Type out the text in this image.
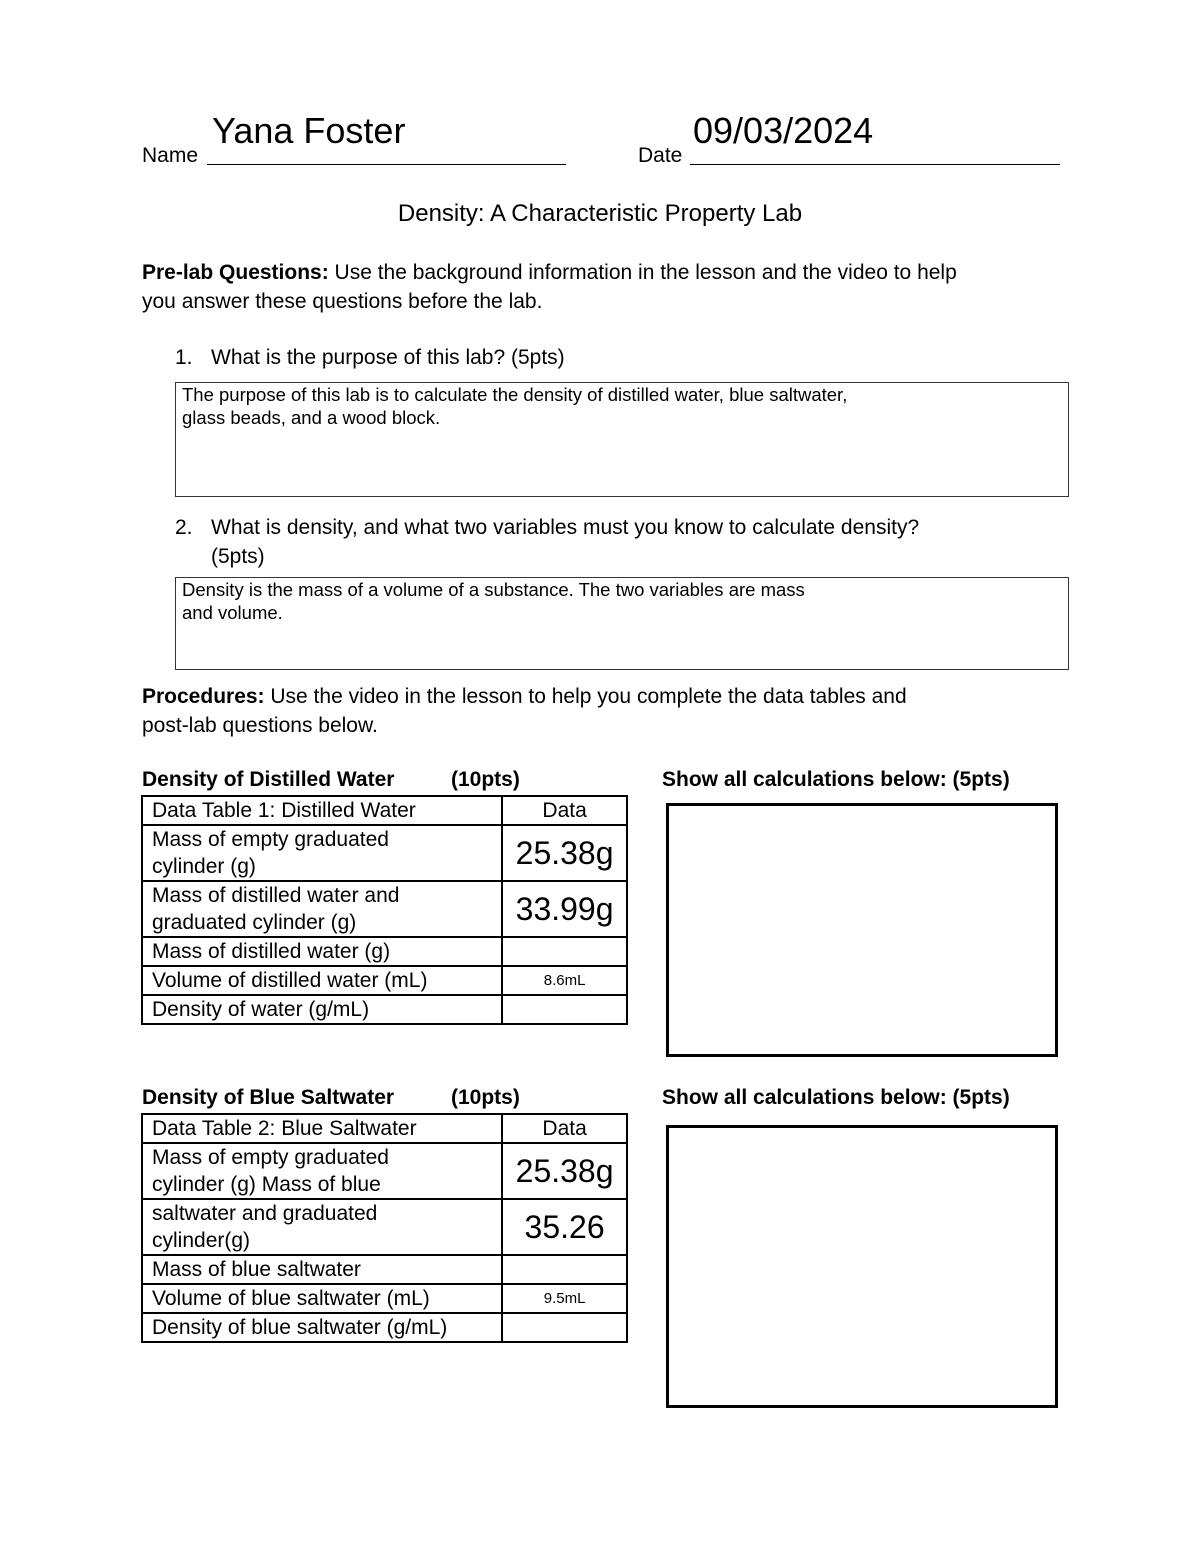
Name
Yana Foster
Date
09/03/2024
Density: A Characteristic Property Lab
Pre-lab Questions: Use the background information in the lesson and the video to help
you answer these questions before the lab.
1. What is the purpose of this lab? (5pts)
The purpose of this lab is to calculate the density of distilled water, blue saltwater,
glass beads, and a wood block.
2. What is density, and what two variables must you know to calculate density?
(5pts)
Density is the mass of a volume of a substance. The two variables are mass
and volume.
Procedures: Use the video in the lesson to help you complete the data tables and
post-lab questions below.
Density of Distilled Water	(10pts)	Show all calculations below: (5pts)
Data Table 1: Distilled Water	Data

Mass of empty graduated
cylinder (g)	25.38g

Mass of distilled water and
graduated cylinder (g)	33.99g
Mass of distilled water (g)	
Volume of distilled water (mL)	8.6mL
Density of water (g/mL)	
Density of Blue Saltwater	(10pts)	Show all calculations below: (5pts)
Data Table 2: Blue Saltwater	Data

Mass of empty graduated
cylinder (g) Mass of blue	25.38g

saltwater and graduated
cylinder(g)	35.26
Mass of blue saltwater	
Volume of blue saltwater (mL)	9.5mL
Density of blue saltwater (g/mL)	
